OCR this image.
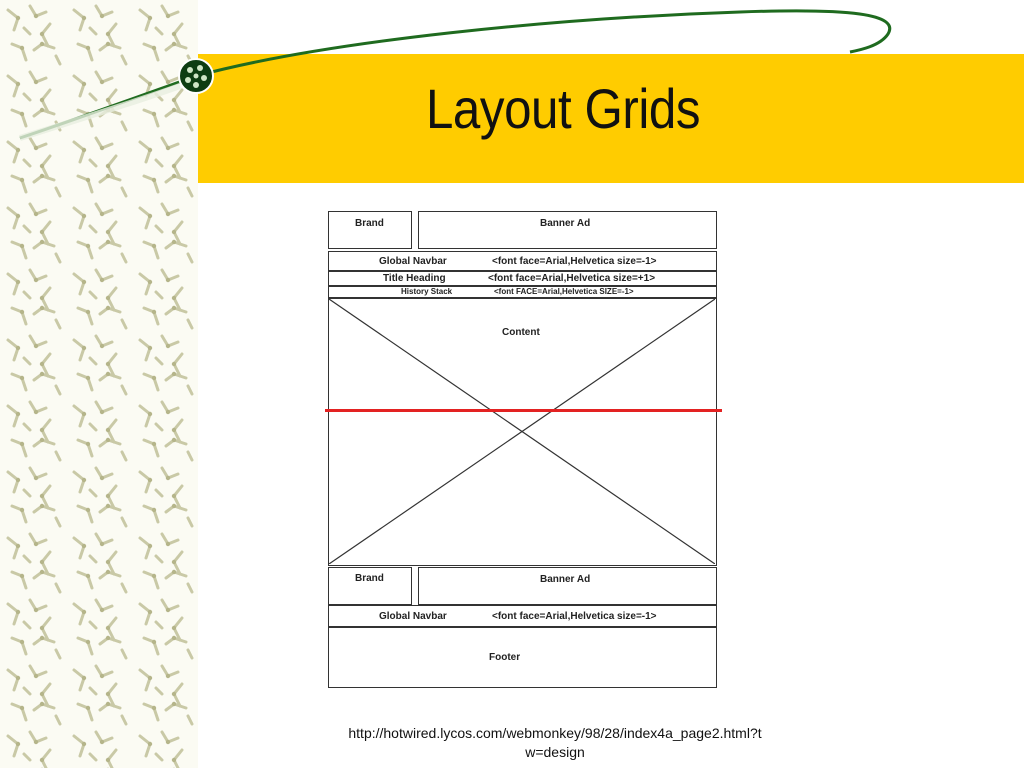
Layout Grids
Brand	Banner Ad
Global Navbar	<font face=Arial,Helvetica size=-1>
Title Heading	<font face=Arial,Helvetica size=+1>
History Stack	<font FACE=Arial,Helvetica SIZE=-1>
Content
Brand	Banner Ad
Global Navbar	<font face=Arial,Helvetica size=-1>
Footer
http://hotwired.lycos.com/webmonkey/98/28/index4a_page2.html?t
w=design
